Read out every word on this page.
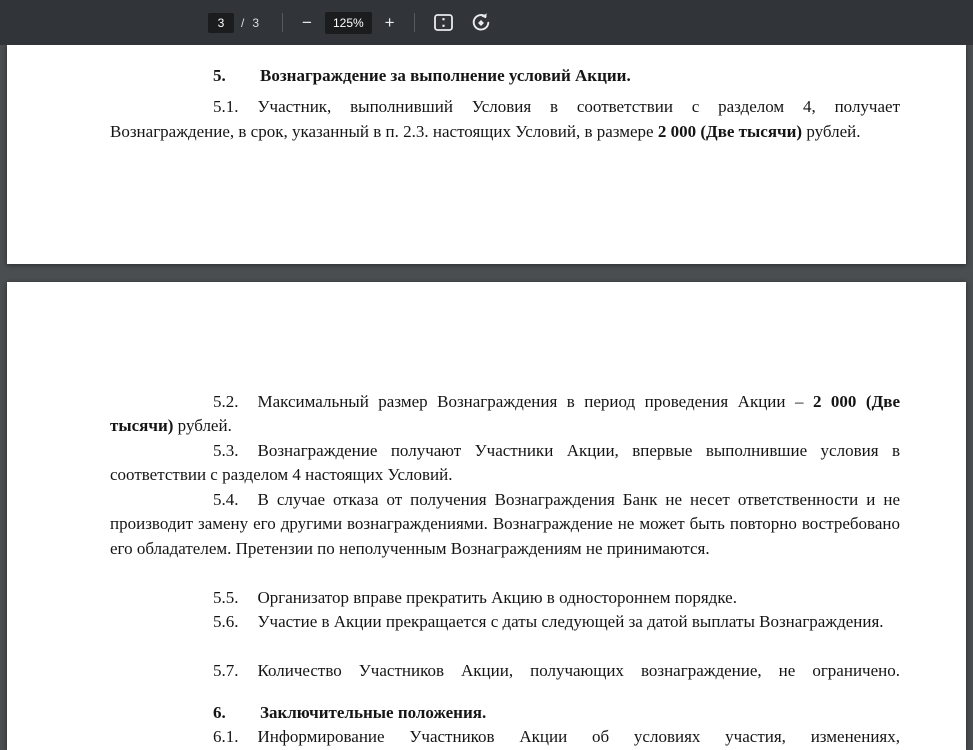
3
/ 3	−	125%	+
5. Вознаграждение за выполнение условий Акции.

5.1. Участник, выполнивший Условия в соответствии с разделом 4, получает Вознаграждение, в срок, указанный в п. 2.3. настоящих Условий, в размере 2 000 (Две тысячи) рублей.

5.2. Максимальный размер Вознаграждения в период проведения Акции – 2 000 (Две тысячи) рублей.

5.3. Вознаграждение получают Участники Акции, впервые выполнившие условия в соответствии с разделом 4 настоящих Условий.

5.4. В случае отказа от получения Вознаграждения Банк не несет ответственности и не производит замену его другими вознаграждениями. Вознаграждение не может быть повторно востребовано его обладателем. Претензии по неполученным Вознаграждениям не принимаются.

5.5. Организатор вправе прекратить Акцию в одностороннем порядке.

5.6. Участие в Акции прекращается с даты следующей за датой выплаты Вознаграждения.

5.7. Количество Участников Акции, получающих вознаграждение, не ограничено.

6. Заключительные положения.

6.1. Информирование Участников Акции об условиях участия, изменениях,
